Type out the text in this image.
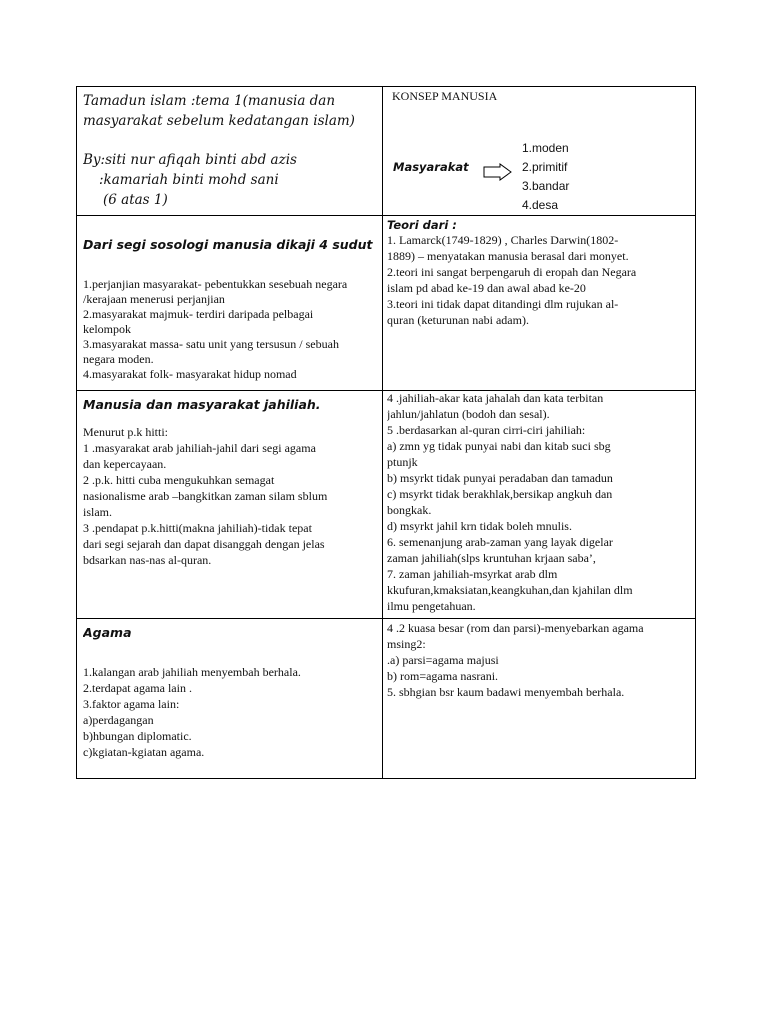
Tamadun islam :tema 1(manusia dan
masyarakat sebelum kedatangan islam)
By:siti nur afiqah binti abd azis
:kamariah binti mohd sani
(6 atas 1)
KONSEP MANUSIA
Masyarakat
1.moden
2.primitif
3.bandar
4.desa
Dari segi sosologi manusia dikaji 4 sudut

1.perjanjian masyarakat- pebentukkan sesebuah negara

/kerajaan menerusi perjanjian

2.masyarakat majmuk- terdiri daripada pelbagai

kelompok

3.masyarakat massa- satu unit yang tersusun / sebuah

negara moden.

4.masyarakat folk- masyarakat hidup nomad

Teori dari :

1. Lamarck(1749-1829) , Charles Darwin(1802-

1889) – menyatakan manusia berasal dari monyet.

2.teori ini sangat berpengaruh di eropah dan Negara

islam pd abad ke-19 dan awal abad ke-20

3.teori ini tidak dapat ditandingi dlm rujukan al-

quran (keturunan nabi adam).

Manusia dan masyarakat jahiliah.

Menurut p.k hitti:

1 .masyarakat arab jahiliah-jahil dari segi agama

dan kepercayaan.

2 .p.k. hitti cuba mengukuhkan semagat

nasionalisme arab –bangkitkan zaman silam sblum

islam.

3 .pendapat p.k.hitti(makna jahiliah)-tidak tepat

dari segi sejarah dan dapat disanggah dengan jelas

bdsarkan nas-nas al-quran.

4 .jahiliah-akar kata jahalah dan kata terbitan

jahlun/jahlatun (bodoh dan sesal).

5 .berdasarkan al-quran cirri-ciri jahiliah:

a) zmn yg tidak punyai nabi dan kitab suci sbg

ptunjk

b) msyrkt tidak punyai peradaban dan tamadun

c) msyrkt tidak berakhlak,bersikap angkuh dan

bongkak.

d) msyrkt jahil krn tidak boleh mnulis.

6. semenanjung arab-zaman yang layak digelar

zaman jahiliah(slps kruntuhan krjaan saba’,

7. zaman jahiliah-msyrkat arab dlm

kkufuran,kmaksiatan,keangkuhan,dan kjahilan dlm

ilmu pengetahuan.

Agama

1.kalangan arab jahiliah menyembah berhala.

2.terdapat agama lain .

3.faktor agama lain:

a)perdagangan

b)hbungan diplomatic.

c)kgiatan-kgiatan agama.

4 .2 kuasa besar (rom dan parsi)-menyebarkan agama

msing2:

.a) parsi=agama majusi

b) rom=agama nasrani.

5. sbhgian bsr kaum badawi menyembah berhala.
